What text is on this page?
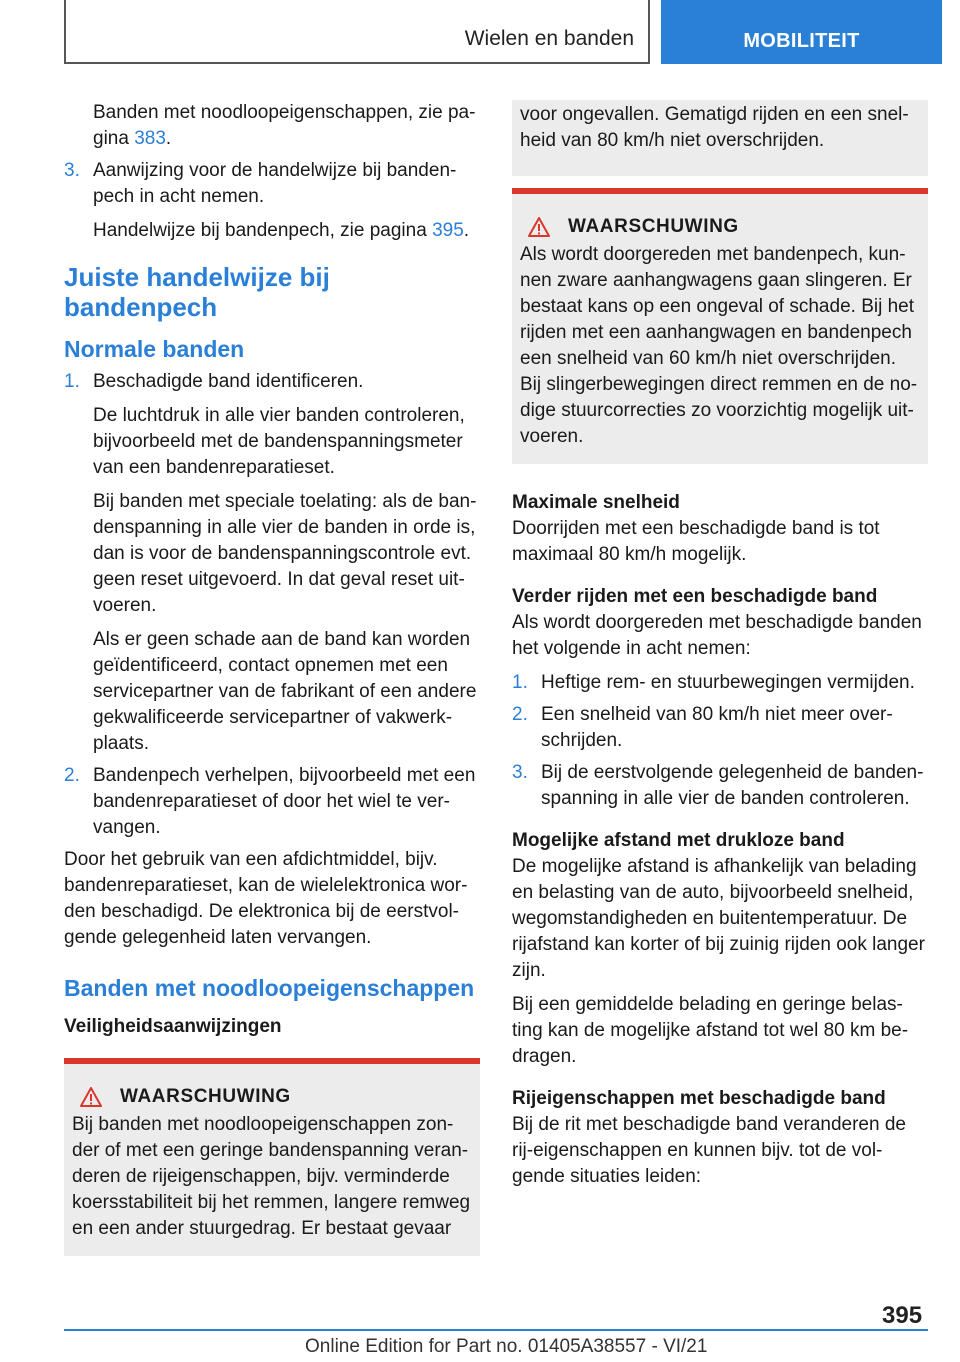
Wielen en banden	MOBILITEIT

Banden met noodloopeigenschappen, zie pa-
gina 383.

3. Aanwijzing voor de handelwijze bij banden-pech in acht nemen.

Handelwijze bij bandenpech, zie pagina 395.

Juiste handelwijze bij bandenpech
Normale banden
1. Beschadigde band identificeren.

De luchtdruk in alle vier banden controleren, bijvoorbeeld met de bandenspanningsmeter van een bandenreparatieset.

Bij banden met speciale toelating: als de ban-denspanning in alle vier de banden in orde is, dan is voor de bandenspanningscontrole evt. geen reset uitgevoerd. In dat geval reset uit-voeren.

Als er geen schade aan de band kan worden geïdentificeerd, contact opnemen met een servicepartner van de fabrikant of een andere gekwalificeerde servicepartner of vakwerk-plaats.

2. Bandenpech verhelpen, bijvoorbeeld met een bandenreparatieset of door het wiel te ver-vangen.

Door het gebruik van een afdichtmiddel, bijv. bandenreparatieset, kan de wielelektronica wor-den beschadigd. De elektronica bij de eerstvol-gende gelegenheid laten vervangen.

Banden met noodloopeigenschappen
Veiligheidsaanwijzingen
WAARSCHUWING

Bij banden met noodloopeigenschappen zon-der of met een geringe bandenspanning veran-deren de rijeigenschappen, bijv. verminderde koersstabiliteit bij het remmen, langere remweg en een ander stuurgedrag. Er bestaat gevaar

voor ongevallen. Gematigd rijden en een snel-heid van 80 km/h niet overschrijden.

WAARSCHUWING

Als wordt doorgereden met bandenpech, kun-nen zware aanhangwagens gaan slingeren. Er bestaat kans op een ongeval of schade. Bij het rijden met een aanhangwagen en bandenpech een snelheid van 60 km/h niet overschrijden. Bij slingerbewegingen direct remmen en de no-dige stuurcorrecties zo voorzichtig mogelijk uit-voeren.

Maximale snelheid

Doorrijden met een beschadigde band is tot maximaal 80 km/h mogelijk.

Verder rijden met een beschadigde band

Als wordt doorgereden met beschadigde banden het volgende in acht nemen:

1. Heftige rem- en stuurbewegingen vermijden.
2. Een snelheid van 80 km/h niet meer over-schrijden.
3. Bij de eerstvolgende gelegenheid de banden-spanning in alle vier de banden controleren.
Mogelijke afstand met drukloze band

De mogelijke afstand is afhankelijk van belading en belasting van de auto, bijvoorbeeld snelheid, wegomstandigheden en buitentemperatuur. De rijafstand kan korter of bij zuinig rijden ook langer zijn.

Bij een gemiddelde belading en geringe belas-ting kan de mogelijke afstand tot wel 80 km be-dragen.

Rijeigenschappen met beschadigde band

Bij de rit met beschadigde band veranderen de rij-eigenschappen en kunnen bijv. tot de vol-gende situaties leiden:

395
Online Edition for Part no. 01405A38557 - VI/21
